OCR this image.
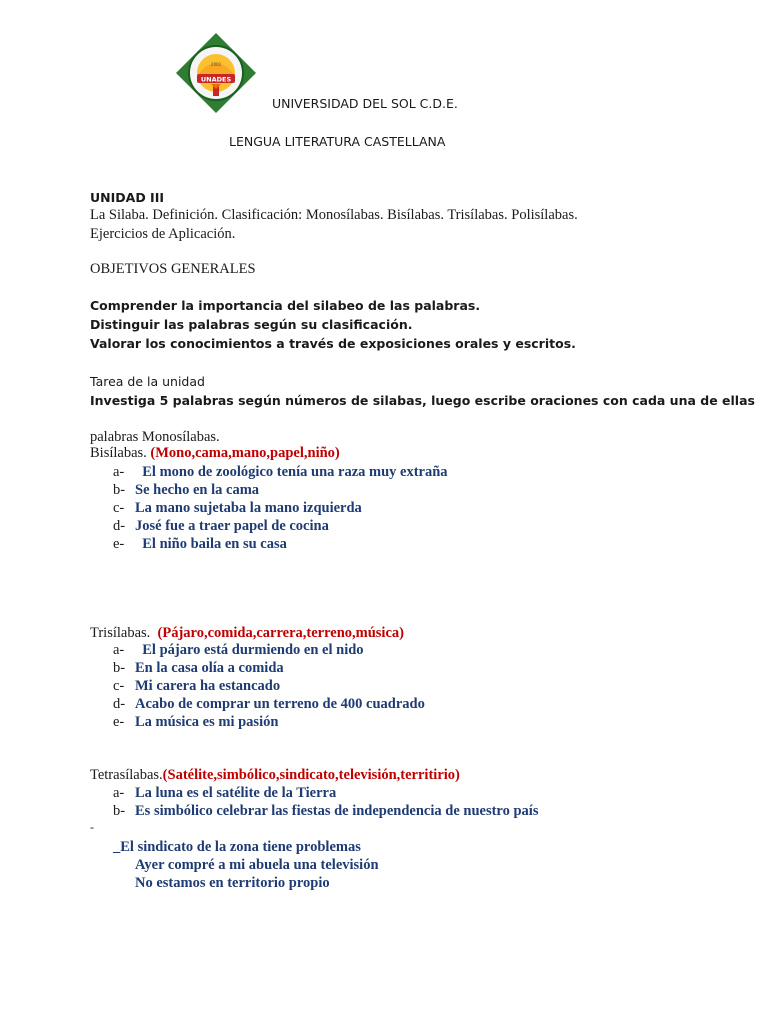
UNADES
2002
UNIVERSIDAD DEL SOL C.D.E.
LENGUA LITERATURA CASTELLANA
UNIDAD III
La Silaba. Definición. Clasificación: Monosílabas. Bisílabas. Trisílabas. Polisílabas.
Ejercicios de Aplicación.
OBJETIVOS GENERALES
Comprender la importancia del silabeo de las palabras.
Distinguir las palabras según su clasificación.
Valorar los conocimientos a través de exposiciones orales y escritos.
Tarea de la unidad
Investiga 5 palabras según números de silabas, luego escribe oraciones con cada una de ellas
palabras Monosílabas.
Bisílabas. (Mono,cama,mano,papel,niño)
a-  El mono de zoológico tenía una raza muy extraña
b- Se hecho en la cama
c- La mano sujetaba la mano izquierda
d- José fue a traer papel de cocina
e-  El niño baila en su casa
Trisílabas.  (Pájaro,comida,carrera,terreno,música)
a-  El pájaro está durmiendo en el nido
b- En la casa olía a comida
c- Mi carera ha estancado
d- Acabo de comprar un terreno de 400 cuadrado
e- La música es mi pasión
Tetrasílabas.(Satélite,simbólico,sindicato,televisión,territirio)
a- La luna es el satélite de la Tierra
b- Es simbólico celebrar las fiestas de independencia de nuestro país
-
_El sindicato de la zona tiene problemas
Ayer compré a mi abuela una televisión
No estamos en territorio propio
